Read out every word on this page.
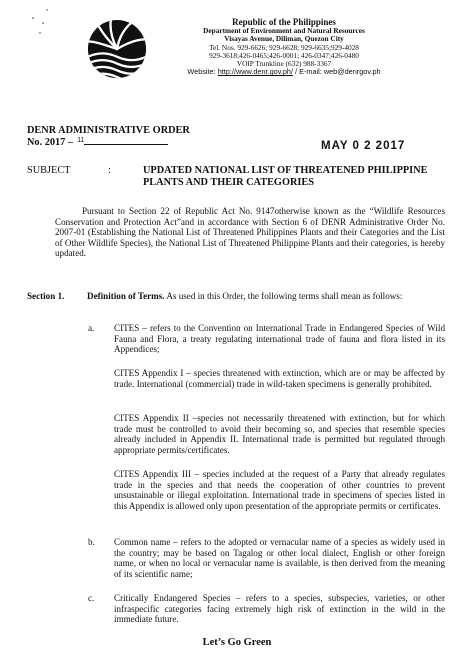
Republic of the Philippines
Department of Environment and Natural Resources
Visayas Avenue, Diliman, Quezon City
Tel. Nos. 929-6626; 929-6628; 929-6635;929-4028
929-3618;426-0465;426-0001; 426-0347;426-0480
VOIP Trunkline (632) 988-3367
Website: http://www.denr.gov.ph/ / E-mail: web@denrgov.ph
DENR ADMINISTRATIVE ORDER
No. 2017 – $^{11}$	MAY 0 2 2017
SUBJECT	:	UPDATED NATIONAL LIST OF THREATENED PHILIPPINE PLANTS AND THEIR CATEGORIES
Pursuant to Section 22 of Republic Act No. 9147otherwise known as the “Wildlife Resources Conservation and Protection Act”and in accordance with Section 6 of DENR Administrative Order No. 2007-01 (Establishing the National List of Threatened Philippines Plants and their Categories and the List of Other Wildlife Species), the National List of Threatened Philippine Plants and their categories, is hereby updated.
Section 1. Definition of Terms. As used in this Order, the following terms shall mean as follows:
a. CITES – refers to the Convention on International Trade in Endangered Species of Wild Fauna and Flora, a treaty regulating international trade of fauna and flora listed in its Appendices;
CITES Appendix I – species threatened with extinction, which are or may be affected by trade. International (commercial) trade in wild-taken specimens is generally prohibited.
CITES Appendix II –species not necessarily threatened with extinction, but for which trade must be controlled to avoid their becoming so, and species that resemble species already included in Appendix II. International trade is permitted but regulated through appropriate permits/certificates.
CITES Appendix III – species included at the request of a Party that already regulates trade in the species and that needs the cooperation of other countries to prevent unsustainable or illegal exploitation. International trade in specimens of species listed in this Appendix is allowed only upon presentation of the appropriate permits or certificates.
b. Common name – refers to the adopted or vernacular name of a species as widely used in the country; may be based on Tagalog or other local dialect, English or other foreign name, or when no local or vernacular name is available, is then derived from the meaning of its scientific name;
c. Critically Endangered Species – refers to a species, subspecies, varieties, or other infraspecific categories facing extremely high risk of extinction in the wild in the immediate future.
Let’s Go Green
